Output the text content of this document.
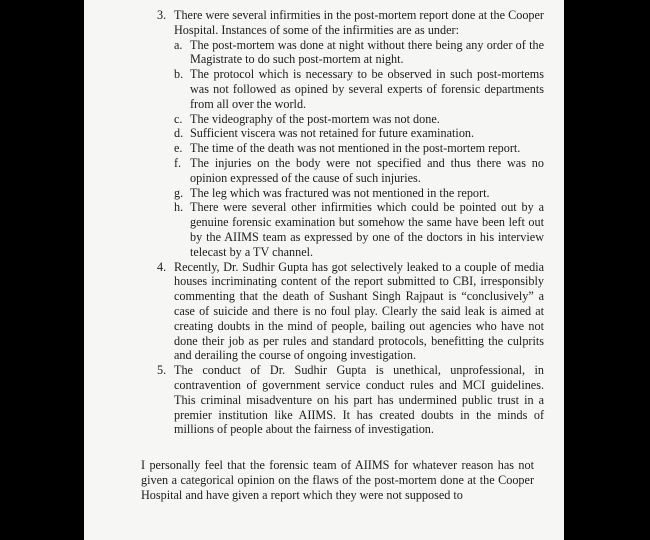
3. There were several infirmities in the post-mortem report done at the Cooper Hospital. Instances of some of the infirmities are as under:
a. The post-mortem was done at night without there being any order of the Magistrate to do such post-mortem at night.
b. The protocol which is necessary to be observed in such post-mortems was not followed as opined by several experts of forensic departments from all over the world.
c. The videography of the post-mortem was not done.
d. Sufficient viscera was not retained for future examination.
e. The time of the death was not mentioned in the post-mortem report.
f. The injuries on the body were not specified and thus there was no opinion expressed of the cause of such injuries.
g. The leg which was fractured was not mentioned in the report.
h. There were several other infirmities which could be pointed out by a genuine forensic examination but somehow the same have been left out by the AIIMS team as expressed by one of the doctors in his interview telecast by a TV channel.
4. Recently, Dr. Sudhir Gupta has got selectively leaked to a couple of media houses incriminating content of the report submitted to CBI, irresponsibly commenting that the death of Sushant Singh Rajpaut is “conclusively” a case of suicide and there is no foul play. Clearly the said leak is aimed at creating doubts in the mind of people, bailing out agencies who have not done their job as per rules and standard protocols, benefitting the culprits and derailing the course of ongoing investigation.
5. The conduct of Dr. Sudhir Gupta is unethical, unprofessional, in contravention of government service conduct rules and MCI guidelines. This criminal misadventure on his part has undermined public trust in a premier institution like AIIMS. It has created doubts in the minds of millions of people about the fairness of investigation.

I personally feel that the forensic team of AIIMS for whatever reason has not given a categorical opinion on the flaws of the post-mortem done at the Cooper Hospital and have given a report which they were not supposed to
